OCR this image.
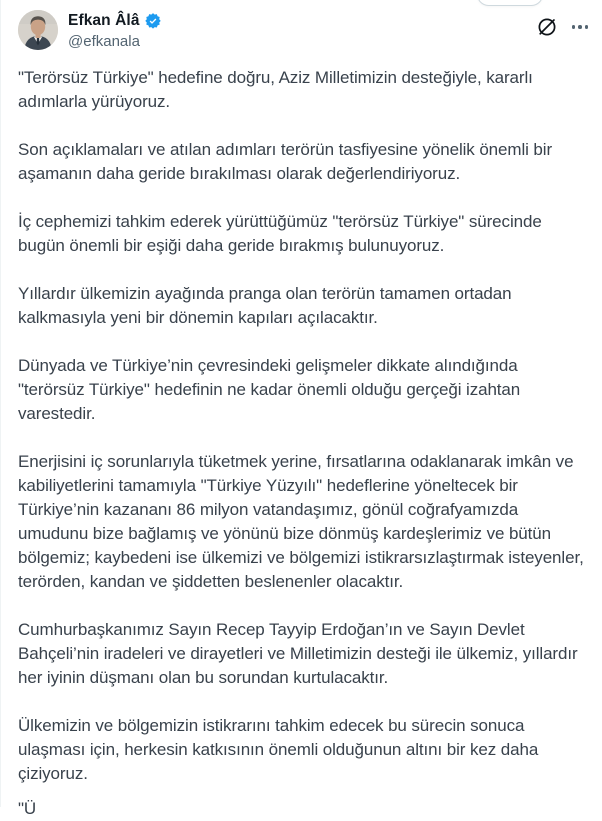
Efkan Âlâ
@efkanala

"Terörsüz Türkiye" hedefine doğru, Aziz Milletimizin desteğiyle, kararlı adımlarla yürüyoruz.

Son açıklamaları ve atılan adımları terörün tasfiyesine yönelik önemli bir aşamanın daha geride bırakılması olarak değerlendiriyoruz.

İç cephemizi tahkim ederek yürüttüğümüz "terörsüz Türkiye" sürecinde bugün önemli bir eşiği daha geride bırakmış bulunuyoruz.

Yıllardır ülkemizin ayağında pranga olan terörün tamamen ortadan kalkmasıyla yeni bir dönemin kapıları açılacaktır.

Dünyada ve Türkiye’nin çevresindeki gelişmeler dikkate alındığında "terörsüz Türkiye" hedefinin ne kadar önemli olduğu gerçeği izahtan varestedir.

Enerjisini iç sorunlarıyla tüketmek yerine, fırsatlarına odaklanarak imkân ve kabiliyetlerini tamamıyla "Türkiye Yüzyılı" hedeflerine yöneltecek bir Türkiye’nin kazananı 86 milyon vatandaşımız, gönül coğrafyamızda umudunu bize bağlamış ve yönünü bize dönmüş kardeşlerimiz ve bütün bölgemiz; kaybedeni ise ülkemizi ve bölgemizi istikrarsızlaştırmak isteyenler, terörden, kandan ve şiddetten beslenenler olacaktır.

Cumhurbaşkanımız Sayın Recep Tayyip Erdoğan’ın ve Sayın Devlet Bahçeli’nin iradeleri ve dirayetleri ve Milletimizin desteği ile ülkemiz, yıllardır her iyinin düşmanı olan bu sorundan kurtulacaktır.

Ülkemizin ve bölgemizin istikrarını tahkim edecek bu sürecin sonuca ulaşması için, herkesin katkısının önemli olduğunun altını bir kez daha çiziyoruz.

"Ü
